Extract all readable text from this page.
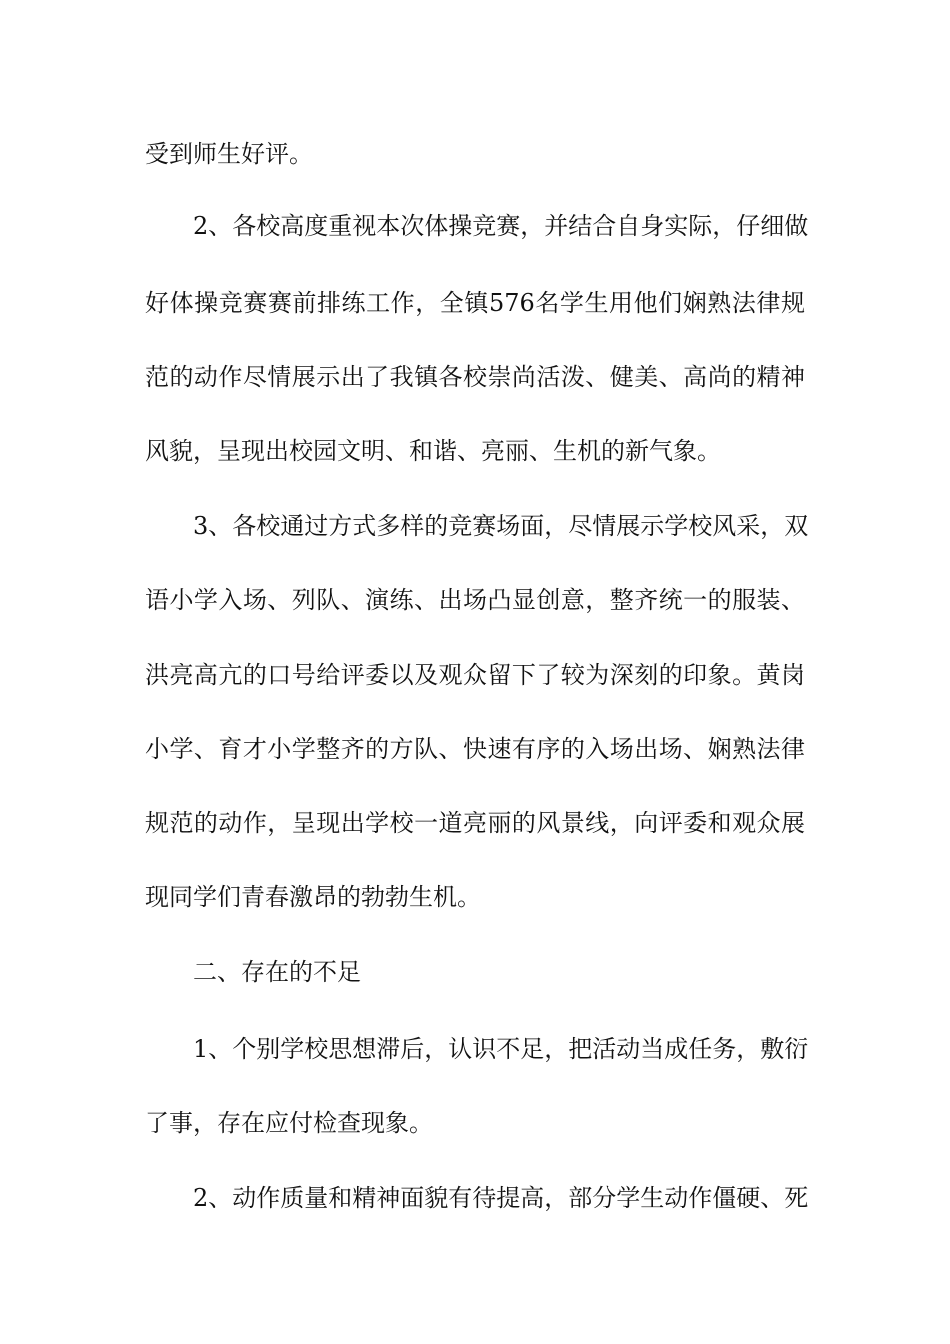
受到师生好评。
2、各校高度重视本次体操竞赛，并结合自身实际，仔细做
好体操竞赛赛前排练工作，全镇576名学生用他们娴熟法律规
范的动作尽情展示出了我镇各校崇尚活泼、健美、高尚的精神
风貌，呈现出校园文明、和谐、亮丽、生机的新气象。
3、各校通过方式多样的竞赛场面，尽情展示学校风采，双
语小学入场、列队、演练、出场凸显创意，整齐统一的服装、
洪亮高亢的口号给评委以及观众留下了较为深刻的印象。黄岗
小学、育才小学整齐的方队、快速有序的入场出场、娴熟法律
规范的动作，呈现出学校一道亮丽的风景线，向评委和观众展
现同学们青春激昂的勃勃生机。
二、存在的不足
1、个别学校思想滞后，认识不足，把活动当成任务，敷衍
了事，存在应付检查现象。
2、动作质量和精神面貌有待提高，部分学生动作僵硬、死
